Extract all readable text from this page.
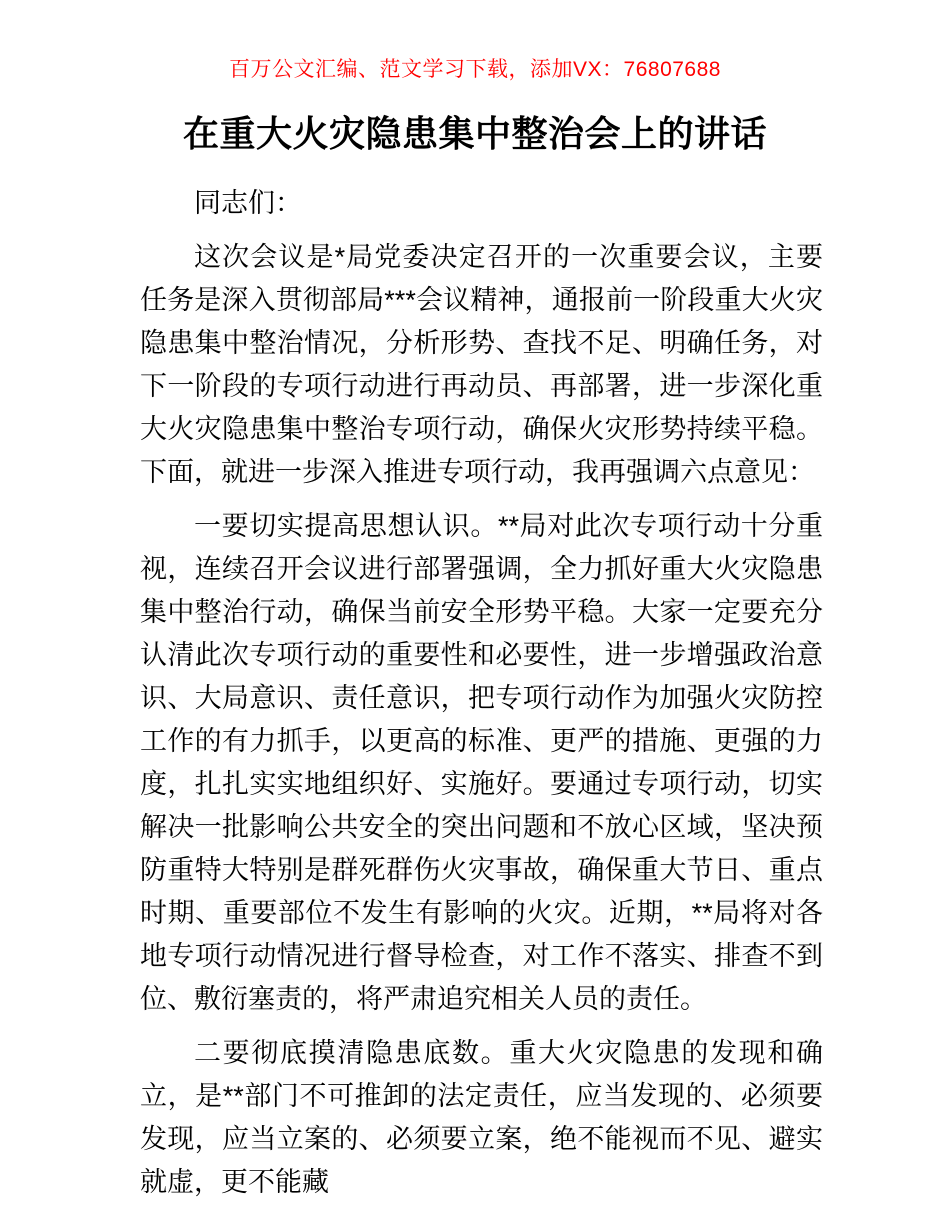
百万公文汇编、范文学习下载，添加VX：76807688
在重大火灾隐患集中整治会上的讲话

同志们：

这次会议是*局党委决定召开的一次重要会议，主要任务是深入贯彻部局***会议精神，通报前一阶段重大火灾隐患集中整治情况，分析形势、查找不足、明确任务，对下一阶段的专项行动进行再动员、再部署，进一步深化重大火灾隐患集中整治专项行动，确保火灾形势持续平稳。下面，就进一步深入推进专项行动，我再强调六点意见：

一要切实提高思想认识。**局对此次专项行动十分重视，连续召开会议进行部署强调，全力抓好重大火灾隐患集中整治行动，确保当前安全形势平稳。大家一定要充分认清此次专项行动的重要性和必要性，进一步增强政治意识、大局意识、责任意识，把专项行动作为加强火灾防控工作的有力抓手，以更高的标准、更严的措施、更强的力度，扎扎实实地组织好、实施好。要通过专项行动，切实解决一批影响公共安全的突出问题和不放心区域，坚决预防重特大特别是群死群伤火灾事故，确保重大节日、重点时期、重要部位不发生有影响的火灾。近期，**局将对各地专项行动情况进行督导检查，对工作不落实、排查不到位、敷衍塞责的，将严肃追究相关人员的责任。

二要彻底摸清隐患底数。重大火灾隐患的发现和确立，是**部门不可推卸的法定责任，应当发现的、必须要发现，应当立案的、必须要立案，绝不能视而不见、避实就虚，更不能藏
